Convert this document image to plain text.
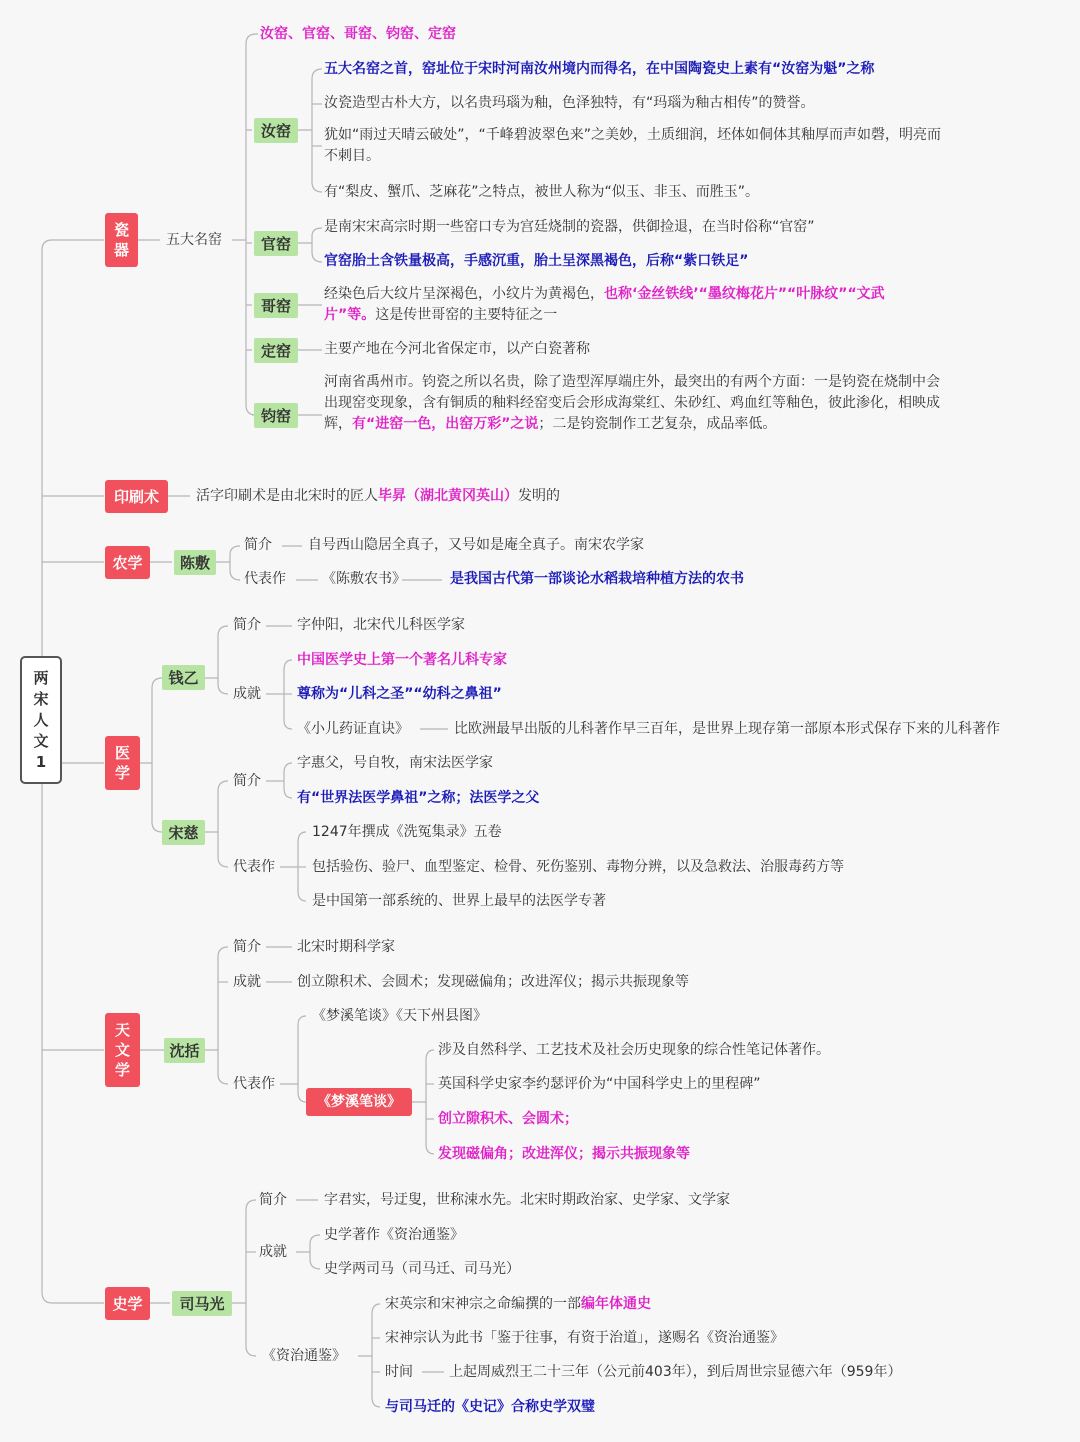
两
宋
人
文
1
瓷
器
五大名窑
汝窑、官窑、哥窑、钧窑、定窑
汝窑
五大名窑之首，窑址位于宋时河南汝州境内而得名，在中国陶瓷史上素有“汝窑为魁”之称
汝瓷造型古朴大方，以名贵玛瑙为釉，色泽独特，有“玛瑙为釉古相传”的赞誉。
犹如“雨过天晴云破处”，“千峰碧波翠色来”之美妙，土质细润，坯体如侗体其釉厚而声如磬，明亮而不刺目。
有“梨皮、蟹爪、芝麻花”之特点，被世人称为“似玉、非玉、而胜玉”。
官窑
是南宋宋高宗时期一些窑口专为宫廷烧制的瓷器，供御捡退，在当时俗称“官窑”
官窑胎土含铁量极高，手感沉重，胎土呈深黑褐色，后称“紫口铁足”
哥窑
经染色后大纹片呈深褐色，小纹片为黄褐色，也称‘金丝铁线’“墨纹梅花片”“叶脉纹”“文武片”等。这是传世哥窑的主要特征之一
定窑	主要产地在今河北省保定市，以产白瓷著称
钧窑
河南省禹州市。钧瓷之所以名贵，除了造型浑厚端庄外，最突出的有两个方面：一是钧瓷在烧制中会出现窑变现象，含有铜质的釉料经窑变后会形成海棠红、朱砂红、鸡血红等釉色，彼此渗化，相映成辉，有“进窑一色，出窑万彩”之说；二是钧瓷制作工艺复杂，成品率低。
印刷术	活字印刷术是由北宋时的匠人毕昇（湖北黄冈英山）发明的
农学	陈敷
简介	自号西山隐居全真子，又号如是庵全真子。南宋农学家
代表作	《陈敷农书》	是我国古代第一部谈论水稻栽培种植方法的农书
医
学
钱乙
简介	字仲阳，北宋代儿科医学家
成就
中国医学史上第一个著名儿科专家
尊称为“儿科之圣”“幼科之鼻祖”
《小儿药证直诀》	比欧洲最早出版的儿科著作早三百年，是世界上现存第一部原本形式保存下来的儿科著作
宋慈
简介
字惠父，号自牧，南宋法医学家
有“世界法医学鼻祖”之称；法医学之父
代表作
1247年撰成《洗冤集录》五卷
包括验伤、验尸、血型鉴定、检骨、死伤鉴别、毒物分辨，以及急救法、治服毒药方等
是中国第一部系统的、世界上最早的法医学专著
天
文
学
沈括
简介	北宋时期科学家
成就	创立隙积术、会圆术；发现磁偏角；改进浑仪；揭示共振现象等
代表作
《梦溪笔谈》《天下州县图》
《梦溪笔谈》
涉及自然科学、工艺技术及社会历史现象的综合性笔记体著作。
英国科学史家李约瑟评价为“中国科学史上的里程碑”
创立隙积术、会圆术；
发现磁偏角；改进浑仪；揭示共振现象等
史学	司马光
简介	字君实，号迂叟，世称涑水先。北宋时期政治家、史学家、文学家
成就
史学著作《资治通鉴》
史学两司马（司马迁、司马光）
《资治通鉴》
宋英宗和宋神宗之命编撰的一部编年体通史
宋神宗认为此书「鉴于往事，有资于治道」，遂赐名《资治通鉴》
时间	上起周威烈王二十三年（公元前403年），到后周世宗显德六年（959年）
与司马迁的《史记》合称史学双璧
